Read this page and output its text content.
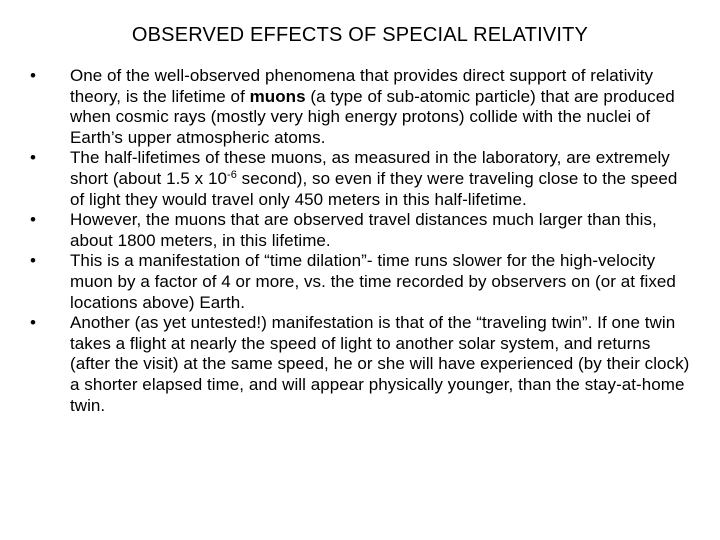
OBSERVED EFFECTS OF SPECIAL RELATIVITY
•	One of the well-observed phenomena that provides direct support of relativity theory, is the lifetime of muons (a type of sub-atomic particle) that are produced when cosmic rays (mostly very high energy protons) collide with the nuclei of Earth’s upper atmospheric atoms.
•	The half-lifetimes of these muons, as measured in the laboratory, are extremely short (about 1.5 x $10^{-6}$ second), so even if they were traveling close to the speed of light they would travel only 450 meters in this half-lifetime.
•	However, the muons that are observed travel distances much larger than this, about 1800 meters, in this lifetime.
•	This is a manifestation of “time dilation”- time runs slower for the high-velocity muon by a factor of 4 or more, vs. the time recorded by observers on (or at fixed locations above) Earth.
•	Another (as yet untested!) manifestation is that of the “traveling twin”. If one twin takes a flight at nearly the speed of light to another solar system, and returns (after the visit) at the same speed, he or she will have experienced (by their clock) a shorter elapsed time, and will appear physically younger, than the stay-at-home twin.
